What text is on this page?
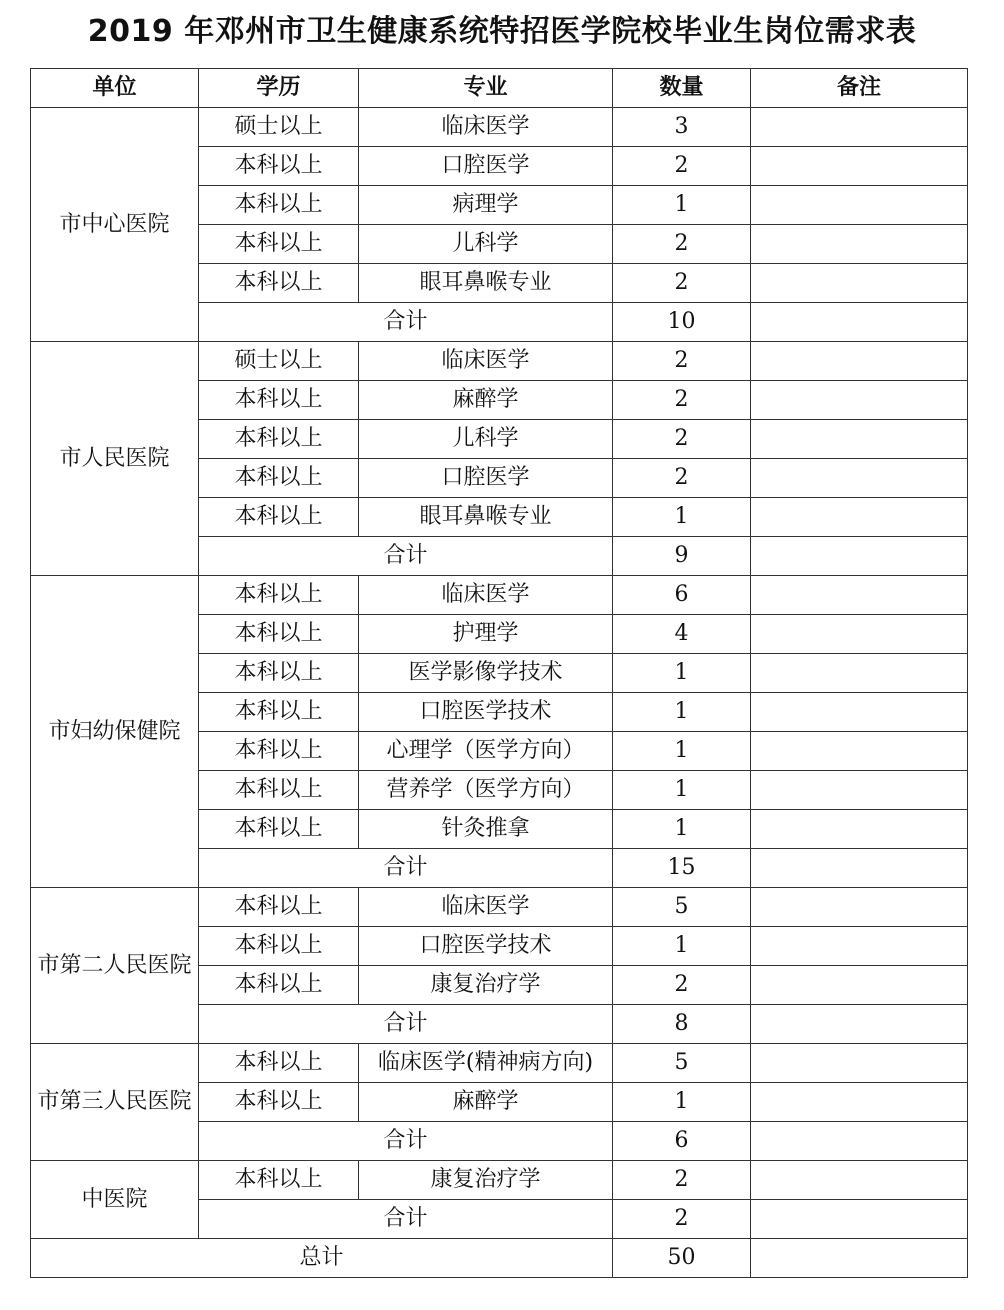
2019 年邓州市卫生健康系统特招医学院校毕业生岗位需求表
单位	学历	专业	数量	备注
市中心医院	硕士以上	临床医学	3	
	本科以上	口腔医学	2	
	本科以上	病理学	1	
	本科以上	儿科学	2	
	本科以上	眼耳鼻喉专业	2	
	合计		10	
市人民医院	硕士以上	临床医学	2	
	本科以上	麻醉学	2	
	本科以上	儿科学	2	
	本科以上	口腔医学	2	
	本科以上	眼耳鼻喉专业	1	
	合计		9	
市妇幼保健院	本科以上	临床医学	6	
	本科以上	护理学	4	
	本科以上	医学影像学技术	1	
	本科以上	口腔医学技术	1	
	本科以上	心理学（医学方向）	1	
	本科以上	营养学（医学方向）	1	
	本科以上	针灸推拿	1	
	合计		15	
市第二人民医院	本科以上	临床医学	5	
	本科以上	口腔医学技术	1	
	本科以上	康复治疗学	2	
	合计		8	
市第三人民医院	本科以上	临床医学(精神病方向)	5	
	本科以上	麻醉学	1	
	合计		6	
中医院	本科以上	康复治疗学	2	
	合计		2	
总计			50	
